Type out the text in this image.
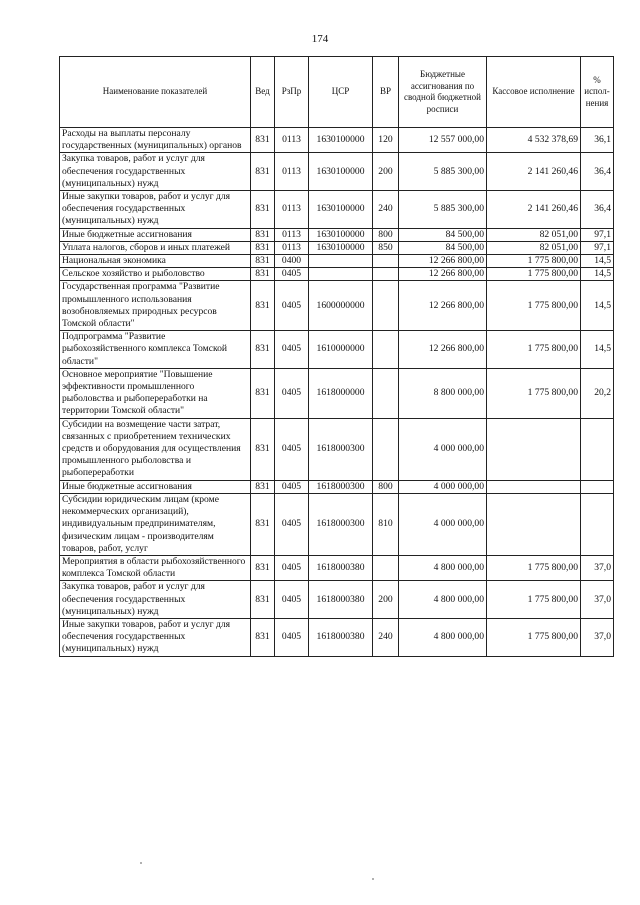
174
Наименование показателей	Вед	РзПр	ЦСР	ВР	Бюджетные ассигнования по сводной бюджетной росписи	Кассовое исполнение	% испол-нения
Расходы на выплаты персоналу государственных (муниципальных) органов	831	0113	1630100000	120	12 557 000,00	4 532 378,69	36,1
Закупка товаров, работ и услуг для обеспечения государственных (муниципальных) нужд	831	0113	1630100000	200	5 885 300,00	2 141 260,46	36,4
Иные закупки товаров, работ и услуг для обеспечения государственных (муниципальных) нужд	831	0113	1630100000	240	5 885 300,00	2 141 260,46	36,4
Иные бюджетные ассигнования	831	0113	1630100000	800	84 500,00	82 051,00	97,1
Уплата налогов, сборов и иных платежей	831	0113	1630100000	850	84 500,00	82 051,00	97,1
Национальная экономика	831	0400			12 266 800,00	1 775 800,00	14,5
Сельское хозяйство и рыболовство	831	0405			12 266 800,00	1 775 800,00	14,5
Государственная программа "Развитие промышленного использования возобновляемых природных ресурсов Томской области"	831	0405	1600000000		12 266 800,00	1 775 800,00	14,5
Подпрограмма "Развитие рыбохозяйственного комплекса Томской области"	831	0405	1610000000		12 266 800,00	1 775 800,00	14,5
Основное мероприятие "Повышение эффективности промышленного рыболовства и рыбопереработки на территории Томской области"	831	0405	1618000000		8 800 000,00	1 775 800,00	20,2
Субсидии на возмещение части затрат, связанных с приобретением технических средств и оборудования для осуществления промышленного рыболовства и рыбопереработки	831	0405	1618000300		4 000 000,00		
Иные бюджетные ассигнования	831	0405	1618000300	800	4 000 000,00		
Субсидии юридическим лицам (кроме некоммерческих организаций), индивидуальным предпринимателям, физическим лицам - производителям товаров, работ, услуг	831	0405	1618000300	810	4 000 000,00		
Мероприятия в области рыбохозяйственного комплекса Томской области	831	0405	1618000380		4 800 000,00	1 775 800,00	37,0
Закупка товаров, работ и услуг для обеспечения государственных (муниципальных) нужд	831	0405	1618000380	200	4 800 000,00	1 775 800,00	37,0
Иные закупки товаров, работ и услуг для обеспечения государственных (муниципальных) нужд	831	0405	1618000380	240	4 800 000,00	1 775 800,00	37,0
